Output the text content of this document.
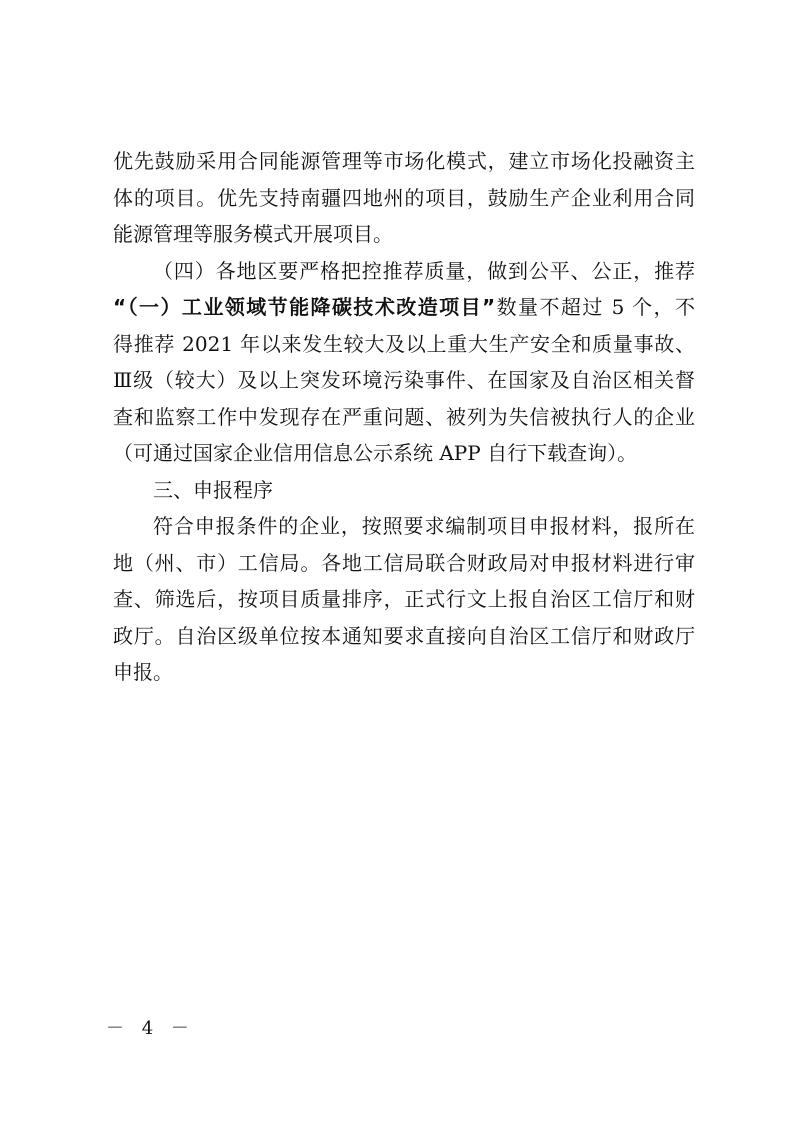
优先鼓励采用合同能源管理等市场化模式，建立市场化投融资主
体的项目。优先支持南疆四地州的项目，鼓励生产企业利用合同
能源管理等服务模式开展项目。
（四）各地区要严格把控推荐质量，做到公平、公正，推荐
“（一）工业领域节能降碳技术改造项目”数量不超过 5 个，不
得推荐 2021 年以来发生较大及以上重大生产安全和质量事故、
Ⅲ级（较大）及以上突发环境污染事件、在国家及自治区相关督
查和监察工作中发现存在严重问题、被列为失信被执行人的企业
（可通过国家企业信用信息公示系统 APP 自行下载查询）。
三、申报程序
符合申报条件的企业，按照要求编制项目申报材料，报所在
地（州、市）工信局。各地工信局联合财政局对申报材料进行审
查、筛选后，按项目质量排序，正式行文上报自治区工信厅和财
政厅。自治区级单位按本通知要求直接向自治区工信厅和财政厅
申报。
－ 4 －
